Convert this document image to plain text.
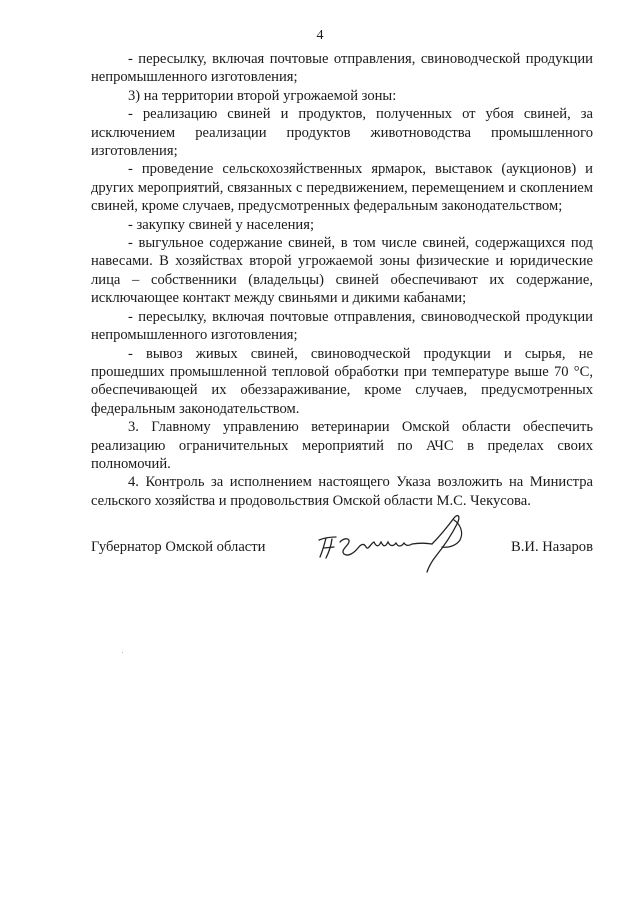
4

- пересылку, включая почтовые отправления, свиноводческой продукции непромышленного изготовления;

3) на территории второй угрожаемой зоны:

- реализацию свиней и продуктов, полученных от убоя свиней, за исключением реализации продуктов животноводства промышленного изготовления;

- проведение сельскохозяйственных ярмарок, выставок (аукционов) и других мероприятий, связанных с передвижением, перемещением и скоплением свиней, кроме случаев, предусмотренных федеральным законодательством;

- закупку свиней у населения;

- выгульное содержание свиней, в том числе свиней, содержащихся под навесами. В хозяйствах второй угрожаемой зоны физические и юридические лица – собственники (владельцы) свиней обеспечивают их содержание, исключающее контакт между свиньями и дикими кабанами;

- пересылку, включая почтовые отправления, свиноводческой продукции непромышленного изготовления;

- вывоз живых свиней, свиноводческой продукции и сырья, не прошедших промышленной тепловой обработки при температуре выше 70 °С, обеспечивающей их обеззараживание, кроме случаев, предусмотренных федеральным законодательством.

3. Главному управлению ветеринарии Омской области обеспечить реализацию ограничительных мероприятий по АЧС в пределах своих полномочий.

4. Контроль за исполнением настоящего Указа возложить на Министра сельского хозяйства и продовольствия Омской области М.С. Чекусова.

Губернатор Омской области	В.И. Назаров
